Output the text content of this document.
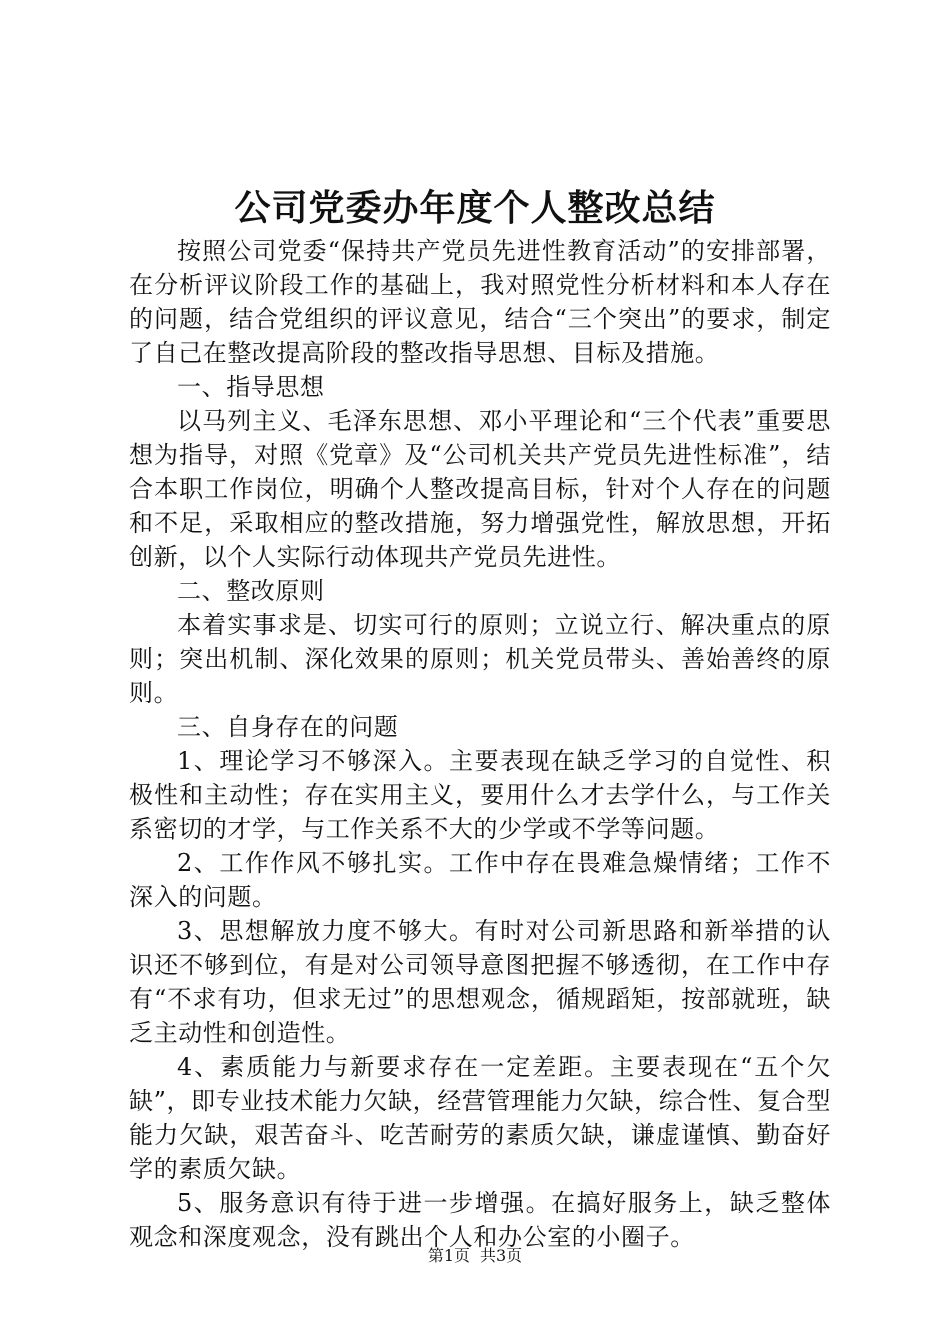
公司党委办年度个人整改总结

按照公司党委“保持共产党员先进性教育活动”的安排部署，在分析评议阶段工作的基础上，我对照党性分析材料和本人存在的问题，结合党组织的评议意见，结合“三个突出”的要求，制定了自己在整改提高阶段的整改指导思想、目标及措施。

一、指导思想

以马列主义、毛泽东思想、邓小平理论和“三个代表”重要思想为指导，对照《党章》及“公司机关共产党员先进性标准”，结合本职工作岗位，明确个人整改提高目标，针对个人存在的问题和不足，采取相应的整改措施，努力增强党性，解放思想，开拓创新，以个人实际行动体现共产党员先进性。

二、整改原则

本着实事求是、切实可行的原则；立说立行、解决重点的原则；突出机制、深化效果的原则；机关党员带头、善始善终的原则。

三、自身存在的问题

1、理论学习不够深入。主要表现在缺乏学习的自觉性、积极性和主动性；存在实用主义，要用什么才去学什么，与工作关系密切的才学，与工作关系不大的少学或不学等问题。

2、工作作风不够扎实。工作中存在畏难急燥情绪；工作不深入的问题。

3、思想解放力度不够大。有时对公司新思路和新举措的认识还不够到位，有是对公司领导意图把握不够透彻，在工作中存有“不求有功，但求无过”的思想观念，循规蹈矩，按部就班，缺乏主动性和创造性。

4、素质能力与新要求存在一定差距。主要表现在“五个欠缺”，即专业技术能力欠缺，经营管理能力欠缺，综合性、复合型能力欠缺，艰苦奋斗、吃苦耐劳的素质欠缺，谦虚谨慎、勤奋好学的素质欠缺。

5、服务意识有待于进一步增强。在搞好服务上，缺乏整体观念和深度观念，没有跳出个人和办公室的小圈子。

第1页 共3页
